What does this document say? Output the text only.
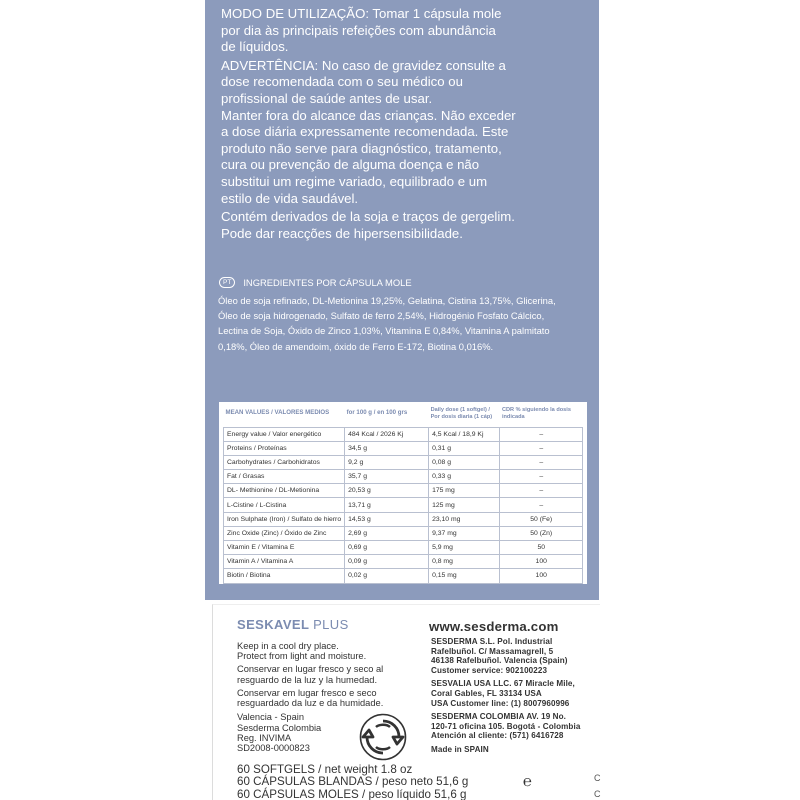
MODO DE UTILIZAÇÃO: Tomar 1 cápsula mole

por dia às principais refeições com abundância

de líquidos.

ADVERTÊNCIA: No caso de gravidez consulte a

dose recomendada com o seu médico ou

profissional de saúde antes de usar.

Manter fora do alcance das crianças. Não exceder

a dose diária expressamente recomendada. Este

produto não serve para diagnóstico, tratamento,

cura ou prevenção de alguma doença e não

substitui um regime variado, equilibrado e um

estilo de vida saudável.

Contém derivados de la soja e traços de gergelim.

Pode dar reacções de hipersensibilidade.

PT	INGREDIENTES POR CÁPSULA MOLE
Óleo de soja refinado, DL-Metionina 19,25%, Gelatina, Cistina 13,75%, Glicerina,
Óleo de soja hidrogenado, Sulfato de ferro 2,54%, Hidrogénio Fosfato Cálcico,
Lectina de Soja, Óxido de Zinco 1,03%, Vitamina E 0,84%, Vitamina A palmitato
0,18%, Óleo de amendoim, óxido de Ferro E-172, Biotina 0,016%.
MEAN VALUES / VALORES MEDIOS	for 100 g / en 100 grs	Daily dose (1 softgel) / Por dosis diaria (1 cáp)	CDR % siguiendo la dosis indicada
Energy value / Valor energético	484 Kcal / 2026 Kj	4,5 Kcal / 18,9 Kj	–
Proteins / Proteínas	34,5 g	0,31 g	–
Carbohydrates / Carbohidratos	9,2 g	0,08 g	–
Fat / Grasas	35,7 g	0,33 g	–
DL- Methionine / DL-Metionina	20,53 g	175 mg	–
L-Cistine / L-Cistina	13,71 g	125 mg	–
Iron Sulphate (Iron) / Sulfato de hierro	14,53 g	23,10 mg	50 (Fe)
Zinc Oxide (Zinc) / Óxido de Zinc	2,69 g	9,37 mg	50 (Zn)
Vitamin E / Vitamina E	0,69 g	5,9 mg	50
Vitamin A / Vitamina A	0,09 g	0,8 mg	100
Biotin / Biotina	0,02 g	0,15 mg	100
SESKAVEL PLUS	www.sesderma.com

Keep in a cool dry place.
Protect from light and moisture.

Conservar en lugar fresco y seco al
resguardo de la luz y la humedad.

Conservar em lugar fresco e seco
resguardado da luz e da humidade.

Valencia - Spain
Sesderma Colombia
Reg. INVIMA
SD2008-0000823

SESDERMA S.L. Pol. Industrial
Rafelbuñol. C/ Massamagrell, 5
46138 Rafelbuñol. Valencia (Spain)
Customer service: 902100223

SESVALIA USA LLC. 67 Miracle Mile,
Coral Gables, FL 33134 USA
USA Customer line: (1) 8007960996

SESDERMA COLOMBIA AV. 19 No.
120-71 oficina 105. Bogotá - Colombia
Atención al cliente: (571) 6416728

Made in SPAIN

60 SOFTGELS / net weight 1.8 oz
60 CÁPSULAS BLANDAS / peso neto 51,6 g
60 CÁPSULAS MOLES / peso líquido 51,6 g
℮	C
C
